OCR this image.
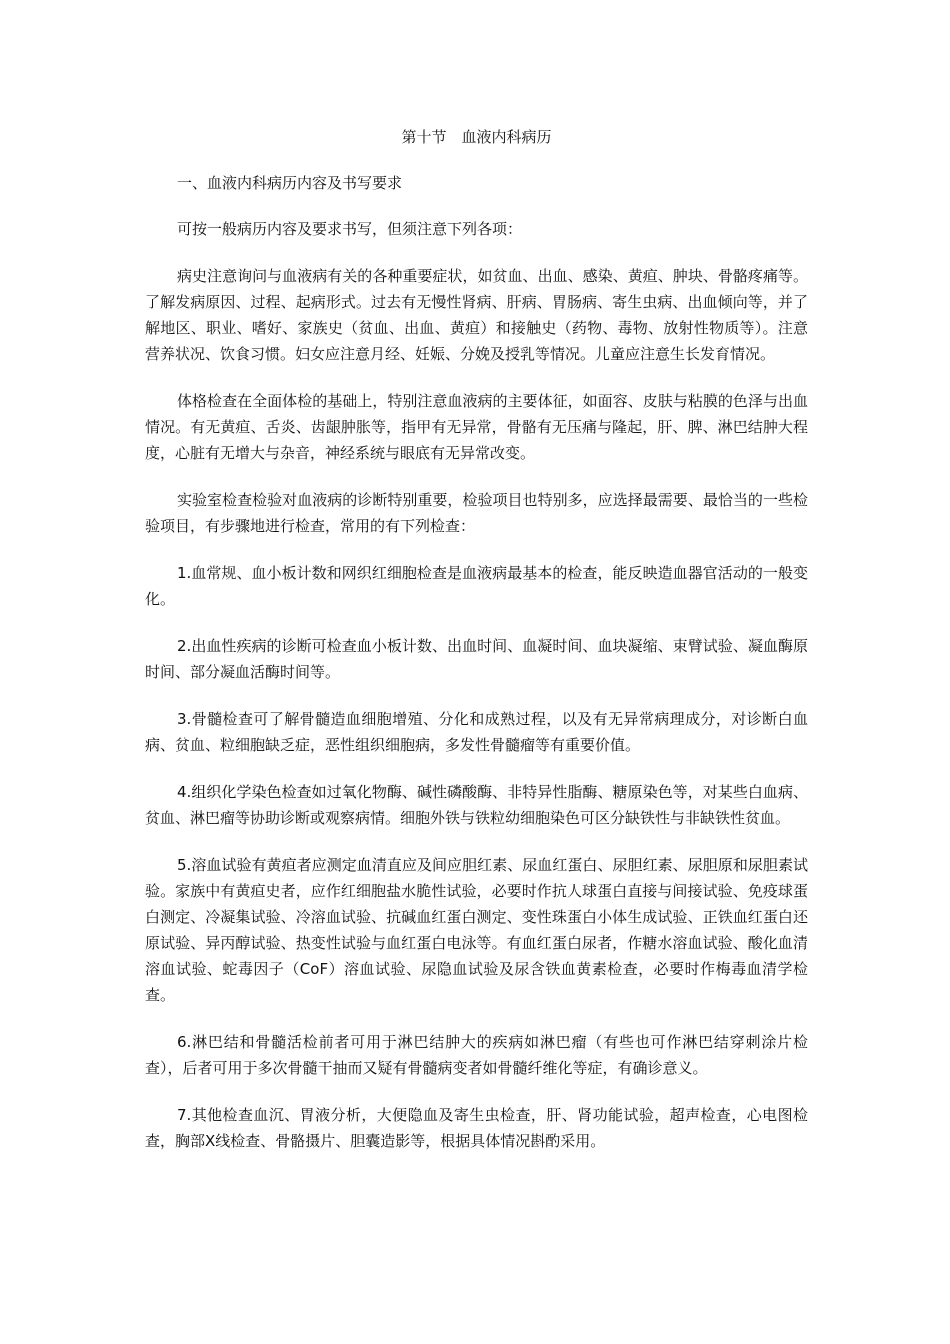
第十节　血液内科病历
一、血液内科病历内容及书写要求
可按一般病历内容及要求书写，但须注意下列各项：
病史注意询问与血液病有关的各种重要症状，如贫血、出血、感染、黄疸、肿块、骨骼疼痛等。了解发病原因、过程、起病形式。过去有无慢性肾病、肝病、胃肠病、寄生虫病、出血倾向等，并了解地区、职业、嗜好、家族史（贫血、出血、黄疸）和接触史（药物、毒物、放射性物质等）。注意营养状况、饮食习惯。妇女应注意月经、妊娠、分娩及授乳等情况。儿童应注意生长发育情况。
体格检查在全面体检的基础上，特别注意血液病的主要体征，如面容、皮肤与粘膜的色泽与出血情况。有无黄疸、舌炎、齿龈肿胀等，指甲有无异常，骨骼有无压痛与隆起，肝、脾、淋巴结肿大程度，心脏有无增大与杂音，神经系统与眼底有无异常改变。
实验室检查检验对血液病的诊断特别重要，检验项目也特别多，应选择最需要、最恰当的一些检验项目，有步骤地进行检查，常用的有下列检查：
1.血常规、血小板计数和网织红细胞检查是血液病最基本的检查，能反映造血器官活动的一般变化。
2.出血性疾病的诊断可检查血小板计数、出血时间、血凝时间、血块凝缩、束臂试验、凝血酶原时间、部分凝血活酶时间等。
3.骨髓检查可了解骨髓造血细胞增殖、分化和成熟过程，以及有无异常病理成分，对诊断白血病、贫血、粒细胞缺乏症，恶性组织细胞病，多发性骨髓瘤等有重要价值。
4.组织化学染色检查如过氧化物酶、碱性磷酸酶、非特异性脂酶、糖原染色等，对某些白血病、贫血、淋巴瘤等协助诊断或观察病情。细胞外铁与铁粒幼细胞染色可区分缺铁性与非缺铁性贫血。
5.溶血试验有黄疸者应测定血清直应及间应胆红素、尿血红蛋白、尿胆红素、尿胆原和尿胆素试验。家族中有黄疸史者，应作红细胞盐水脆性试验，必要时作抗人球蛋白直接与间接试验、免疫球蛋白测定、冷凝集试验、冷溶血试验、抗碱血红蛋白测定、变性珠蛋白小体生成试验、正铁血红蛋白还原试验、异丙醇试验、热变性试验与血红蛋白电泳等。有血红蛋白尿者，作糖水溶血试验、酸化血清溶血试验、蛇毒因子（CoF）溶血试验、尿隐血试验及尿含铁血黄素检查，必要时作梅毒血清学检查。
6.淋巴结和骨髓活检前者可用于淋巴结肿大的疾病如淋巴瘤（有些也可作淋巴结穿刺涂片检查），后者可用于多次骨髓干抽而又疑有骨髓病变者如骨髓纤维化等症，有确诊意义。
7.其他检查血沉、胃液分析，大便隐血及寄生虫检查，肝、肾功能试验，超声检查，心电图检查，胸部X线检查、骨骼摄片、胆囊造影等，根据具体情况斟酌采用。
